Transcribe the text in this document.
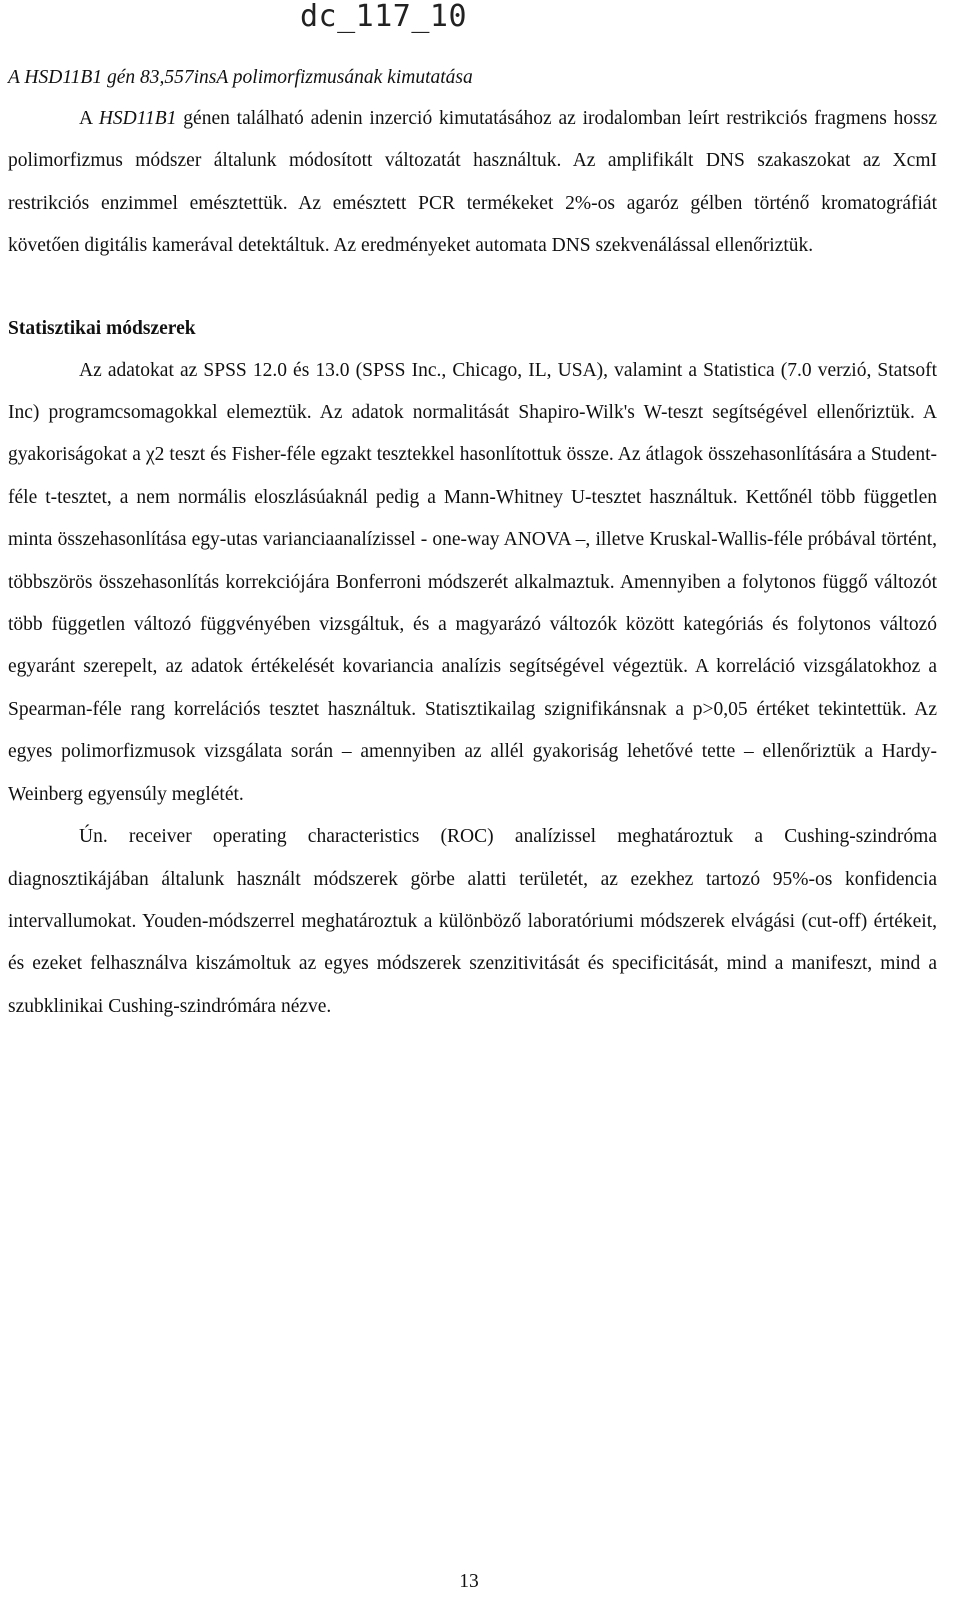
dc_117_10

A HSD11B1 gén 83,557insA polimorfizmusának kimutatása

A HSD11B1 génen található adenin inzerció kimutatásához az irodalomban leírt restrikciós fragmens hossz polimorfizmus módszer általunk módosított változatát használtuk. Az amplifikált DNS szakaszokat az XcmI restrikciós enzimmel emésztettük. Az emésztett PCR termékeket 2%-os agaróz gélben történő kromatográfiát követően digitális kamerával detektáltuk. Az eredményeket automata DNS szekvenálással ellenőriztük.

Statisztikai módszerek

Az adatokat az SPSS 12.0 és 13.0 (SPSS Inc., Chicago, IL, USA), valamint a Statistica (7.0 verzió, Statsoft Inc) programcsomagokkal elemeztük. Az adatok normalitását Shapiro-Wilk's W-teszt segítségével ellenőriztük. A gyakoriságokat a χ2 teszt és Fisher-féle egzakt tesztekkel hasonlítottuk össze. Az átlagok összehasonlítására a Student-féle t-tesztet, a nem normális eloszlásúaknál pedig a Mann-Whitney U-tesztet használtuk. Kettőnél több független minta összehasonlítása egy-utas varianciaanalízissel - one-way ANOVA –, illetve Kruskal-Wallis-féle próbával történt, többszörös összehasonlítás korrekciójára Bonferroni módszerét alkalmaztuk. Amennyiben a folytonos függő változót több független változó függvényében vizsgáltuk, és a magyarázó változók között kategóriás és folytonos változó egyaránt szerepelt, az adatok értékelését kovariancia analízis segítségével végeztük. A korreláció vizsgálatokhoz a Spearman-féle rang korrelációs tesztet használtuk. Statisztikailag szignifikánsnak a p>0,05 értéket tekintettük. Az egyes polimorfizmusok vizsgálata során – amennyiben az allél gyakoriság lehetővé tette – ellenőriztük a Hardy-Weinberg egyensúly meglétét.

Ún. receiver operating characteristics (ROC) analízissel meghatároztuk a Cushing-szindróma diagnosztikájában általunk használt módszerek görbe alatti területét, az ezekhez tartozó 95%-os konfidencia intervallumokat. Youden-módszerrel meghatároztuk a különböző laboratóriumi módszerek elvágási (cut-off) értékeit, és ezeket felhasználva kiszámoltuk az egyes módszerek szenzitivitását és specificitását, mind a manifeszt, mind a szubklinikai Cushing-szindrómára nézve.

13
